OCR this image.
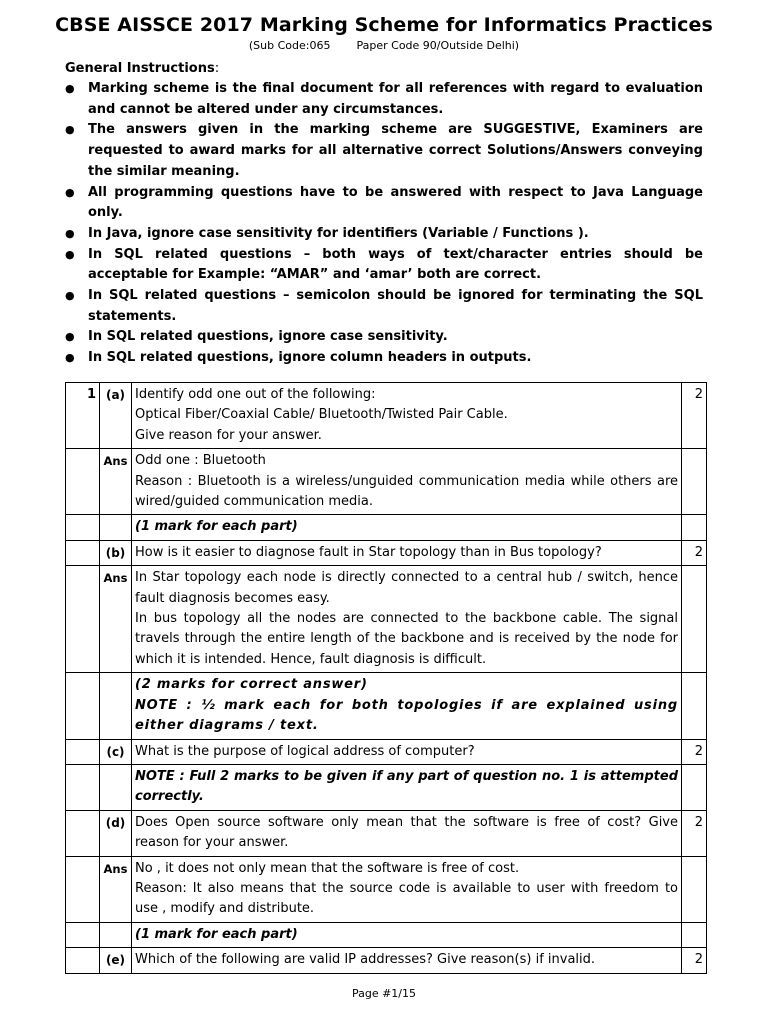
CBSE AISSCE 2017 Marking Scheme for Informatics Practices
(Sub Code:065 Paper Code 90/Outside Delhi)
General Instructions:
● Marking scheme is the final document for all references with regard to evaluation and cannot be altered under any circumstances.
● The answers given in the marking scheme are SUGGESTIVE, Examiners are requested to award marks for all alternative correct Solutions/Answers conveying the similar meaning.
● All programming questions have to be answered with respect to Java Language only.
● In Java, ignore case sensitivity for identifiers (Variable / Functions ).
● In SQL related questions – both ways of text/character entries should be acceptable for Example: “AMAR” and ‘amar’ both are correct.
● In SQL related questions – semicolon should be ignored for terminating the SQL statements.
● In SQL related questions, ignore case sensitivity.
● In SQL related questions, ignore column headers in outputs.
1	(a)	Identify odd one out of the following:
Optical Fiber/Coaxial Cable/ Bluetooth/Twisted Pair Cable.
Give reason for your answer.	2
	Ans	Odd one : Bluetooth
Reason : Bluetooth is a wireless/unguided communication media while others are wired/guided communication media.	

		(1 mark for each part)	
	(b)	How is it easier to diagnose fault in Star topology than in Bus topology?	2
	Ans	In Star topology each node is directly connected to a central hub / switch, hence fault diagnosis becomes easy.
In bus topology all the nodes are connected to the backbone cable. The signal travels through the entire length of the backbone and is received by the node for which it is intended. Hence, fault diagnosis is difficult.	

		(2 marks for correct answer)
NOTE : ½ mark each for both topologies if are explained using either diagrams / text.	

	(c)	What is the purpose of logical address of computer?	2
		NOTE : Full 2 marks to be given if any part of question no. 1 is attempted correctly.	
	(d)	Does Open source software only mean that the software is free of cost? Give reason for your answer.	2
	Ans	No , it does not only mean that the software is free of cost.
Reason: It also means that the source code is available to user with freedom to use , modify and distribute.	

		(1 mark for each part)	
	(e)	Which of the following are valid IP addresses? Give reason(s) if invalid.	2
Page #1/15
